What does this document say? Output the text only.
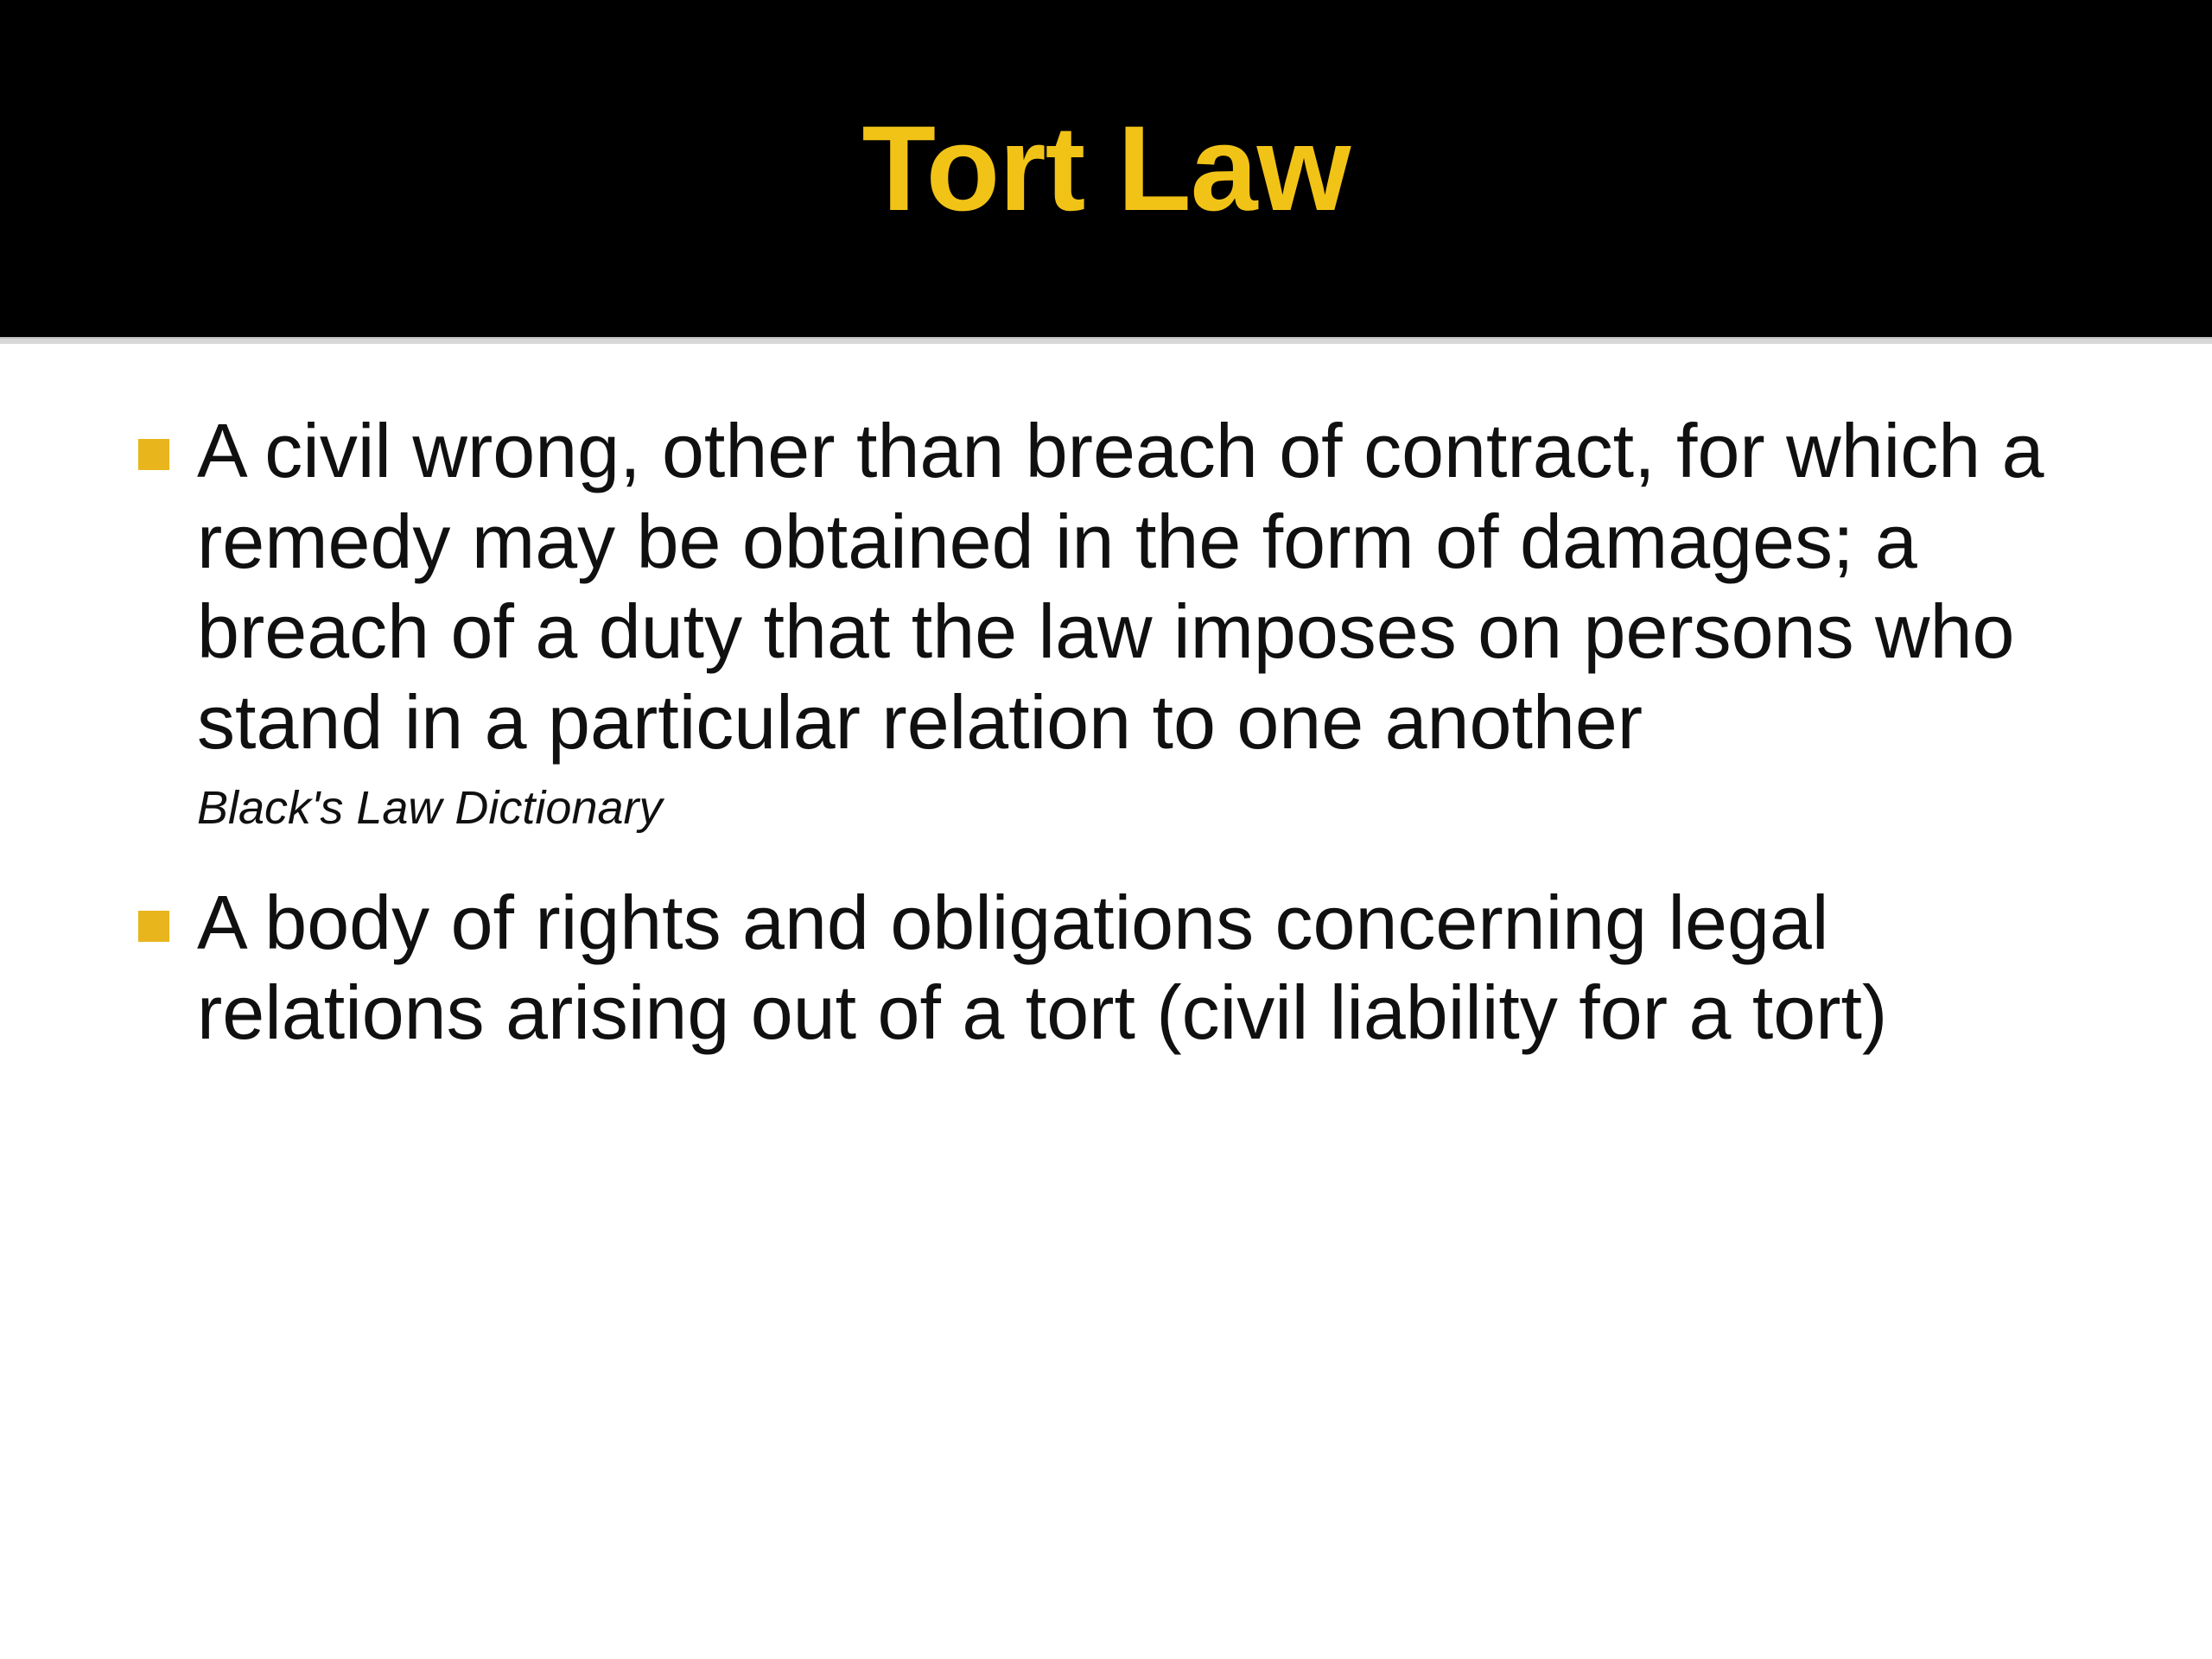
Tort Law
A civil wrong, other than breach of contract, for which a remedy may be obtained in the form of damages; a breach of a duty that the law imposes on persons who stand in a particular relation to one another
Black's Law Dictionary
A body of rights and obligations concerning legal relations arising out of a tort (civil liability for a tort)
